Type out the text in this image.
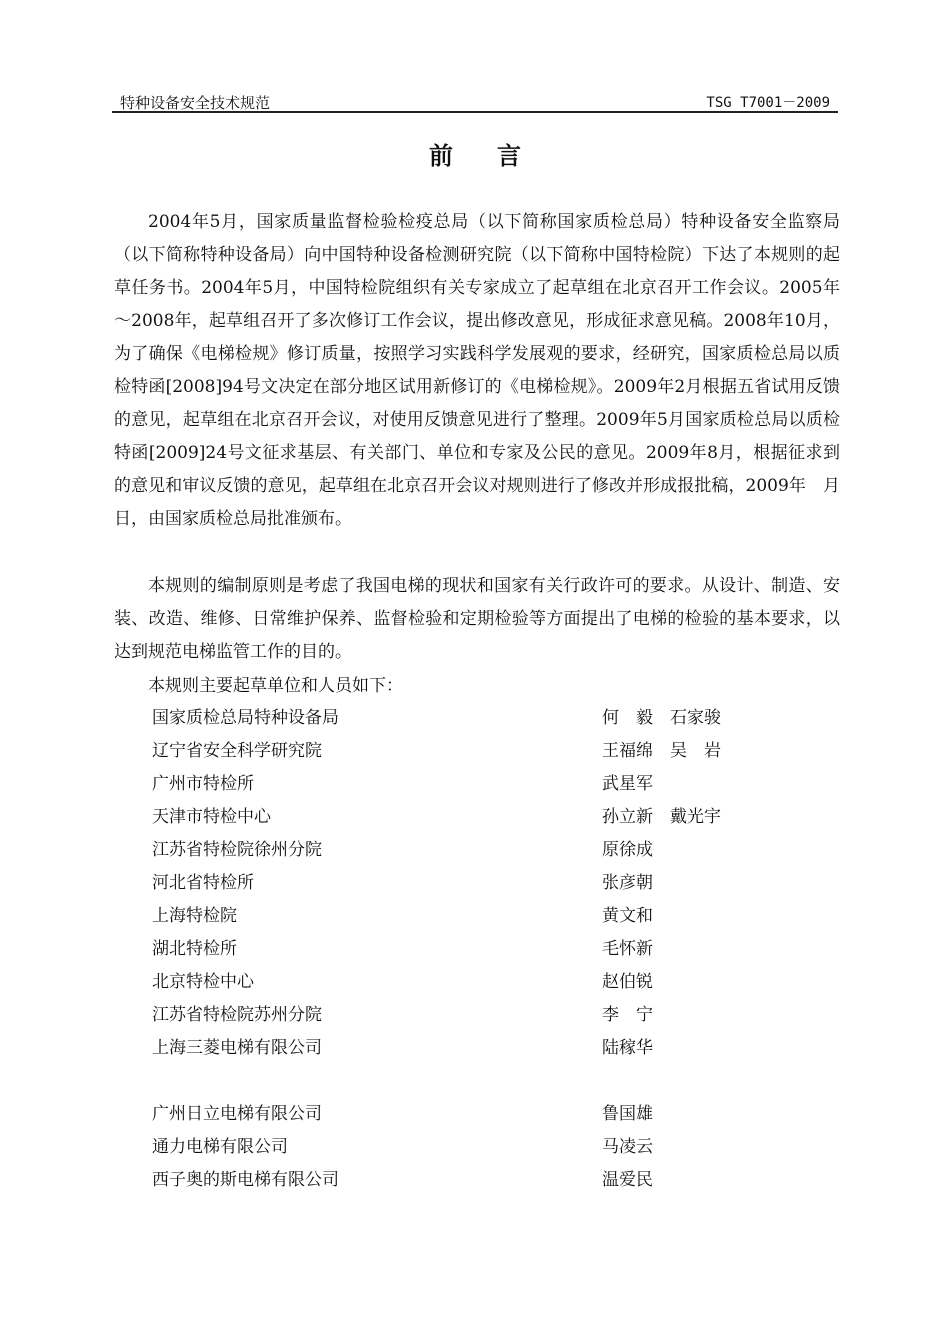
特种设备安全技术规范	TSG T7001－2009
前言

2004年5月，国家质量监督检验检疫总局（以下简称国家质检总局）特种设备安全监察局（以下简称特种设备局）向中国特种设备检测研究院（以下简称中国特检院）下达了本规则的起草任务书。2004年5月，中国特检院组织有关专家成立了起草组在北京召开工作会议。2005年～2008年，起草组召开了多次修订工作会议，提出修改意见，形成征求意见稿。2008年10月，为了确保《电梯检规》修订质量，按照学习实践科学发展观的要求，经研究，国家质检总局以质检特函[2008]94号文决定在部分地区试用新修订的《电梯检规》。2009年2月根据五省试用反馈的意见，起草组在北京召开会议，对使用反馈意见进行了整理。2009年5月国家质检总局以质检特函[2009]24号文征求基层、有关部门、单位和专家及公民的意见。2009年8月，根据征求到的意见和审议反馈的意见，起草组在北京召开会议对规则进行了修改并形成报批稿，2009年　月　日，由国家质检总局批准颁布。

本规则的编制原则是考虑了我国电梯的现状和国家有关行政许可的要求。从设计、制造、安装、改造、维修、日常维护保养、监督检验和定期检验等方面提出了电梯的检验的基本要求，以达到规范电梯监管工作的目的。

本规则主要起草单位和人员如下：

国家质检总局特种设备局	何　毅　石家骏
辽宁省安全科学研究院	王福绵　吴　岩
广州市特检所	武星军
天津市特检中心	孙立新　戴光宇
江苏省特检院徐州分院	原徐成
河北省特检所	张彦朝
上海特检院	黄文和
湖北特检所	毛怀新
北京特检中心	赵伯锐
江苏省特检院苏州分院	李　宁
上海三菱电梯有限公司	陆稼华
广州日立电梯有限公司	鲁国雄
通力电梯有限公司	马凌云
西子奥的斯电梯有限公司	温爱民
